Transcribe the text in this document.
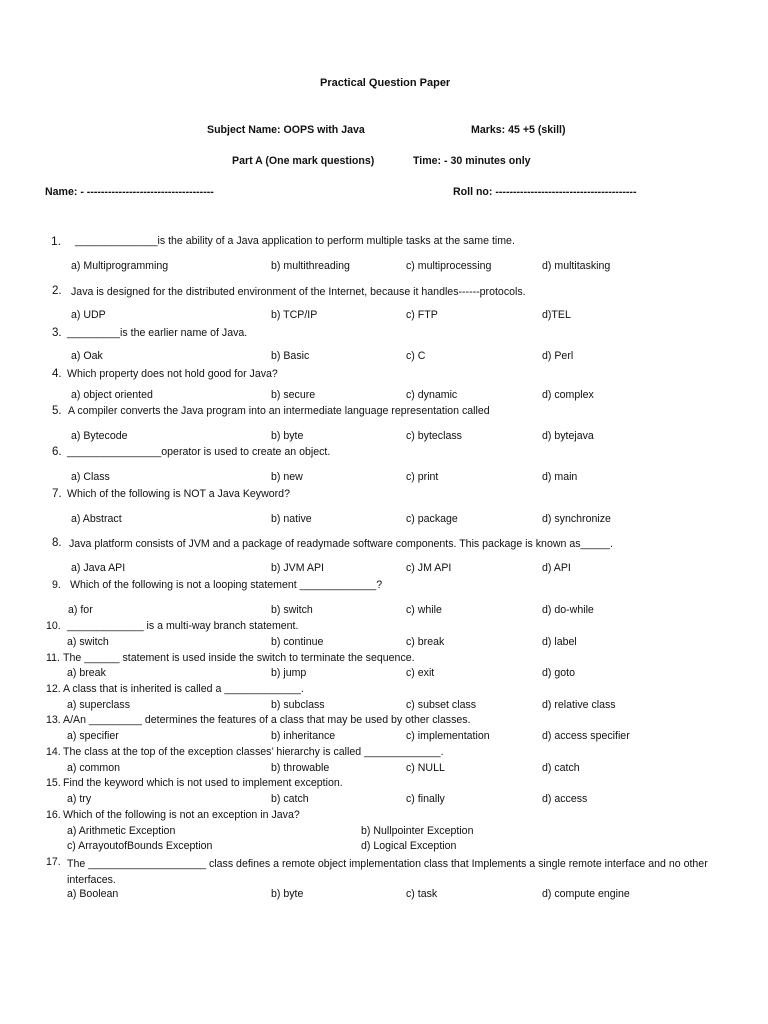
Practical Question Paper
Subject Name: OOPS with Java	Marks: 45 +5 (skill)
Part A (One mark questions)	Time: - 30 minutes only
Name: - ------------------------------------	Roll no: ----------------------------------------
1. ______________is the ability of a Java application to perform multiple tasks at the same time.
a) Multiprogramming	b) multithreading	c) multiprocessing	d) multitasking
2. Java is designed for the distributed environment of the Internet, because it handles------protocols.
a) UDP	b) TCP/IP	c) FTP	d)TEL
3. _________is the earlier name of Java.
a) Oak	b) Basic	c) C	d) Perl
4. Which property does not hold good for Java?
a) object oriented	b) secure	c) dynamic	d) complex
5. A compiler converts the Java program into an intermediate language representation called
a) Bytecode	b) byte	c) byteclass	d) bytejava
6. ________________operator is used to create an object.
a) Class	b) new	c) print	d) main
7. Which of the following is NOT a Java Keyword?
a) Abstract	b) native	c) package	d) synchronize
8. Java platform consists of JVM and a package of readymade software components. This package is known as_____.
a) Java API	b) JVM API	c) JM API	d) API
9. Which of the following is not a looping statement _____________?
a) for	b) switch	c) while	d) do-while
10. _____________ is a multi-way branch statement.
a) switch	b) continue	c) break	d) label
11. The ______ statement is used inside the switch to terminate the sequence.
a) break	b) jump	c) exit	d) goto
12. A class that is inherited is called a _____________.
a) superclass	b) subclass	c) subset class	d) relative class
13. A/An _________ determines the features of a class that may be used by other classes.
a) specifier	b) inheritance	c) implementation	d) access specifier
14. The class at the top of the exception classes’ hierarchy is called _____________.
a) common	b) throwable	c) NULL	d) catch
15. Find the keyword which is not used to implement exception.
a) try	b) catch	c) finally	d) access
16. Which of the following is not an exception in Java?
a) Arithmetic Exception	b) Nullpointer Exception
c) ArrayoutofBounds Exception	d) Logical Exception
17. The ____________________ class defines a remote object implementation class that Implements a single remote interface and no other interfaces.
a) Boolean	b) byte	c) task	d) compute engine
